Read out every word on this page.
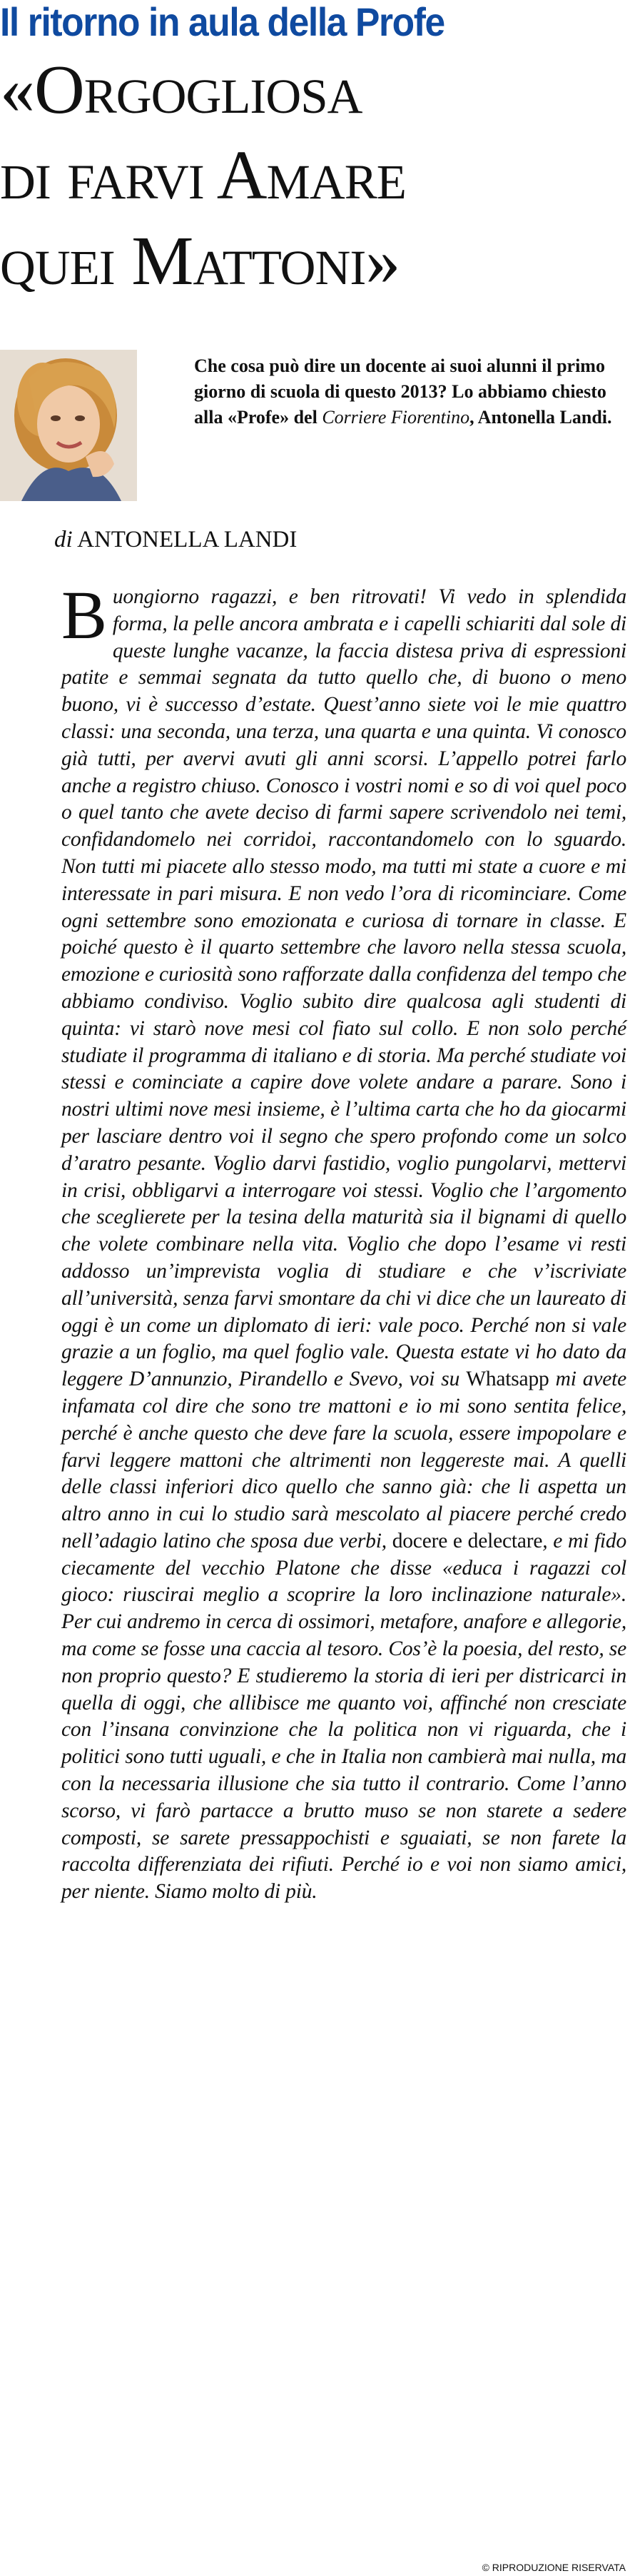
Il ritorno in aula della Profe
«Orgogliosa
di farvi Amare
quei Mattoni»
Che cosa può dire un docente ai suoi alunni il primo giorno di scuola di questo 2013? Lo abbiamo chiesto alla «Profe» del Corriere Fiorentino, Antonella Landi.
di ANTONELLA LANDI
Buongiorno ragazzi, e ben ritrovati! Vi vedo in splendida forma, la pelle ancora ambrata e i capelli schiariti dal sole di queste lunghe vacanze, la faccia distesa priva di espressioni patite e semmai segnata da tutto quello che, di buono o meno buono, vi è successo d’estate. Quest’anno siete voi le mie quattro classi: una seconda, una terza, una quarta e una quinta. Vi conosco già tutti, per avervi avuti gli anni scorsi. L’appello potrei farlo anche a registro chiuso. Conosco i vostri nomi e so di voi quel poco o quel tanto che avete deciso di farmi sapere scrivendolo nei temi, confidandomelo nei corridoi, raccontandomelo con lo sguardo. Non tutti mi piacete allo stesso modo, ma tutti mi state a cuore e mi interessate in pari misura. E non vedo l’ora di ricominciare. Come ogni settembre sono emozionata e curiosa di tornare in classe. E poiché questo è il quarto settembre che lavoro nella stessa scuola, emozione e curiosità sono rafforzate dalla confidenza del tempo che abbiamo condiviso. Voglio subito dire qualcosa agli studenti di quinta: vi starò nove mesi col fiato sul collo. E non solo perché studiate il programma di italiano e di storia. Ma perché studiate voi stessi e cominciate a capire dove volete andare a parare. Sono i nostri ultimi nove mesi insieme, è l’ultima carta che ho da giocarmi per lasciare dentro voi il segno che spero profondo come un solco d’aratro pesante. Voglio darvi fastidio, voglio pungolarvi, mettervi in crisi, obbligarvi a interrogare voi stessi. Voglio che l’argomento che sceglierete per la tesina della maturità sia il bignami di quello che volete combinare nella vita. Voglio che dopo l’esame vi resti addosso un’imprevista voglia di studiare e che v’iscriviate all’università, senza farvi smontare da chi vi dice che un laureato di oggi è un come un diplomato di ieri: vale poco. Perché non si vale grazie a un foglio, ma quel foglio vale. Questa estate vi ho dato da leggere D’annunzio, Pirandello e Svevo, voi su Whatsapp mi avete infamata col dire che sono tre mattoni e io mi sono sentita felice, perché è anche questo che deve fare la scuola, essere impopolare e farvi leggere mattoni che altrimenti non leggereste mai. A quelli delle classi inferiori dico quello che sanno già: che li aspetta un altro anno in cui lo studio sarà mescolato al piacere perché credo nell’adagio latino che sposa due verbi, docere e delectare, e mi fido ciecamente del vecchio Platone che disse «educa i ragazzi col gioco: riuscirai meglio a scoprire la loro inclinazione naturale». Per cui andremo in cerca di ossimori, metafore, anafore e allegorie, ma come se fosse una caccia al tesoro. Cos’è la poesia, del resto, se non proprio questo? E studieremo la storia di ieri per districarci in quella di oggi, che allibisce me quanto voi, affinché non cresciate con l’insana convinzione che la politica non vi riguarda, che i politici sono tutti uguali, e che in Italia non cambierà mai nulla, ma con la necessaria illusione che sia tutto il contrario. Come l’anno scorso, vi farò partacce a brutto muso se non starete a sedere composti, se sarete pressappochisti e sguaiati, se non farete la raccolta differenziata dei rifiuti. Perché io e voi non siamo amici, per niente. Siamo molto di più.
© RIPRODUZIONE RISERVATA
